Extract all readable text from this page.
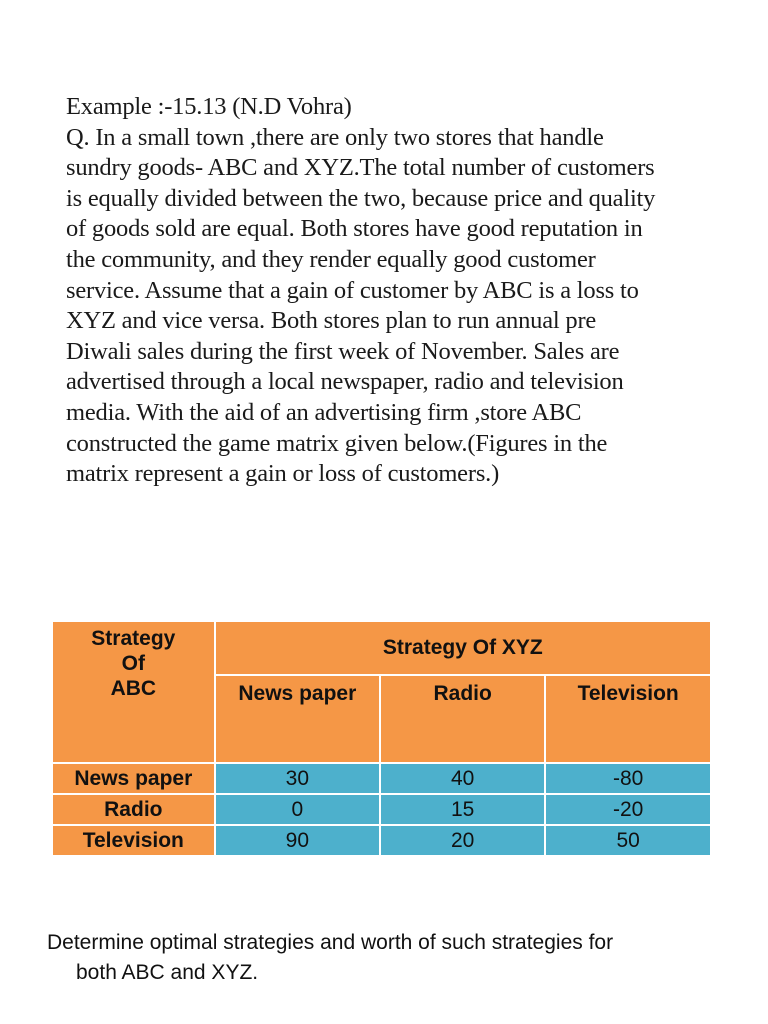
Example :-15.13 (N.D Vohra)
Q. In a small town ,there are only two stores that handle
sundry goods- ABC and XYZ.The total number of customers
is equally divided between the two, because price and quality
of goods sold are equal. Both stores have good reputation in
the community, and they render equally good customer
service. Assume that a gain of customer by ABC is a loss to
XYZ and vice versa. Both stores plan to run annual pre
Diwali sales during the first week of November. Sales are
advertised through a local newspaper, radio and television
media. With the aid of an advertising firm ,store ABC
constructed the game matrix given below.(Figures in the
matrix represent a gain or loss of customers.)
Strategy
Of
ABC	Strategy Of XYZ		
	News paper	Radio	Television
News paper	30	40	-80
Radio	0	15	-20
Television	90	20	50
Determine optimal strategies and worth of such strategies for
both ABC and XYZ.
